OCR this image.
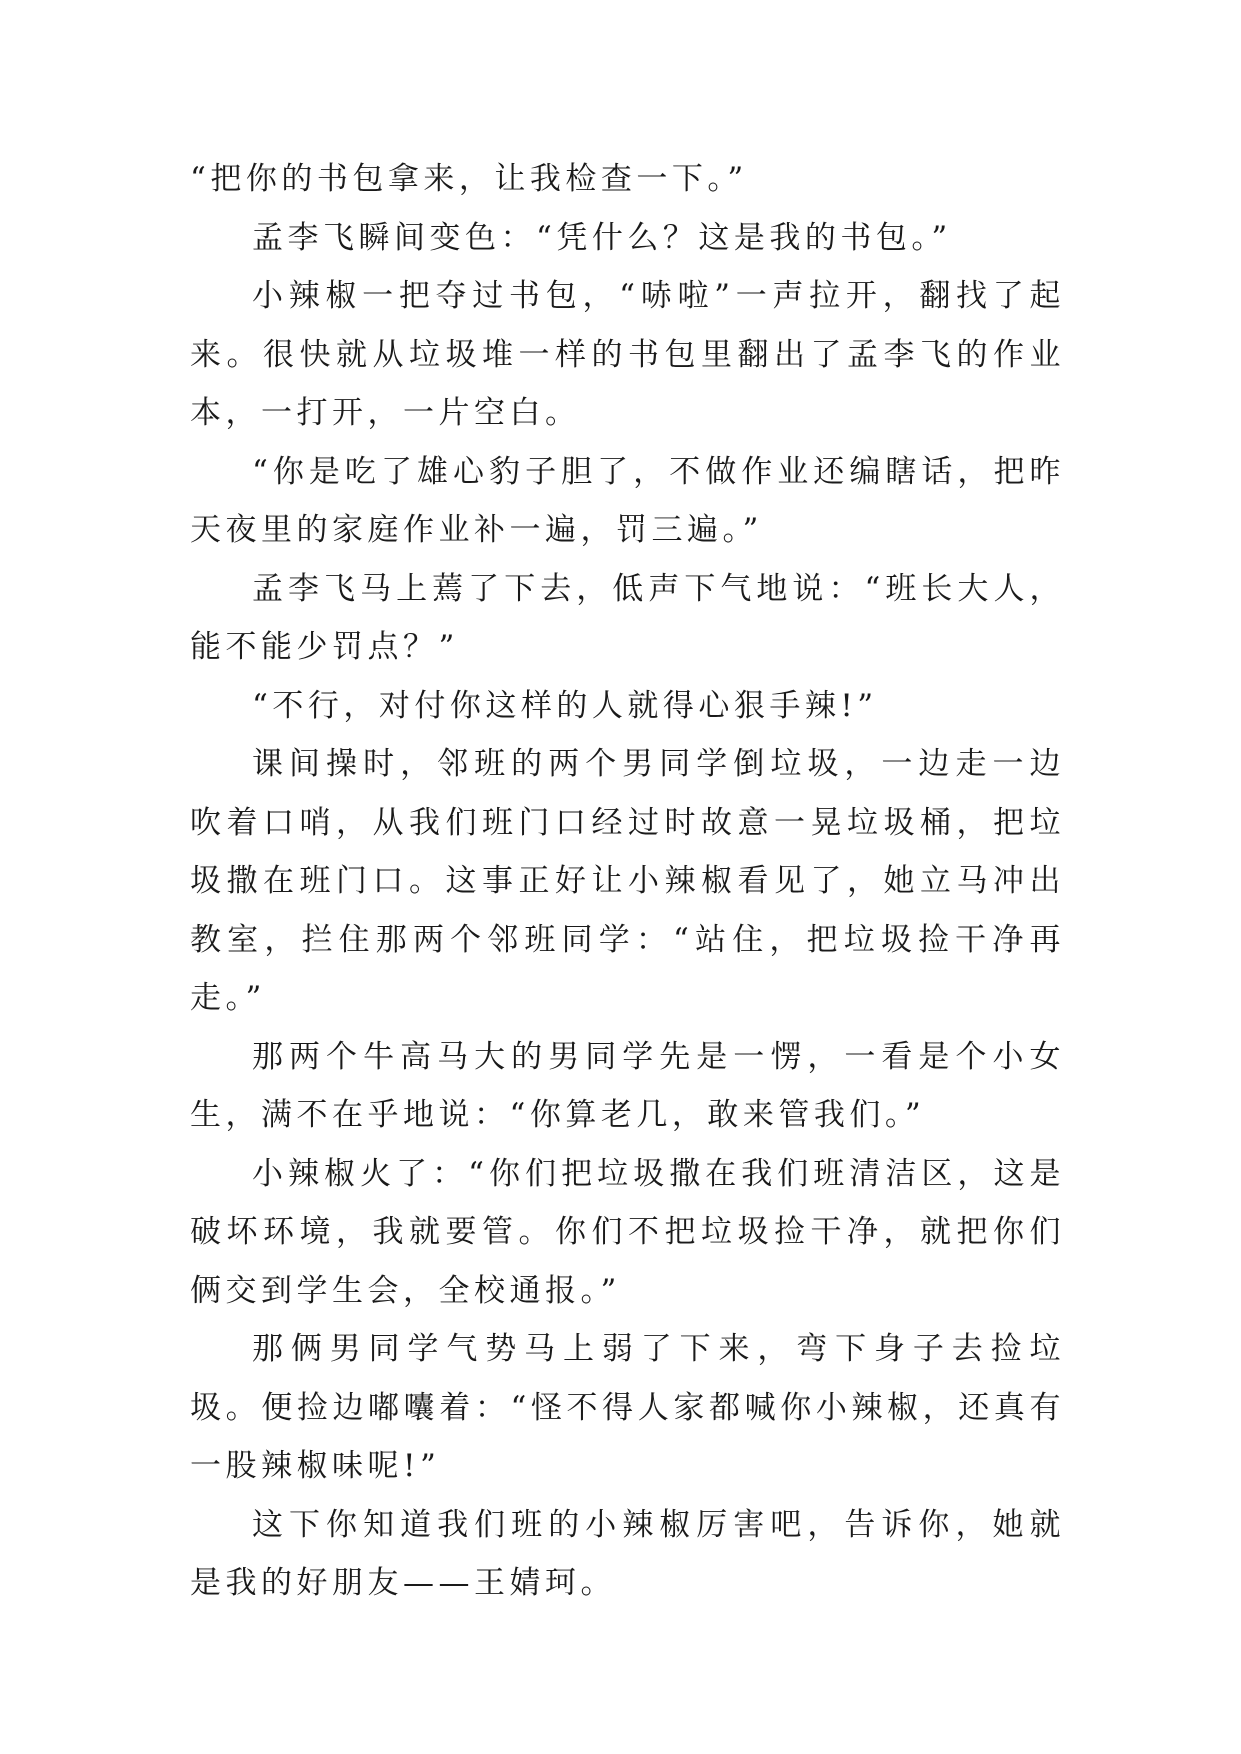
“把你的书包拿来，让我检查一下。”

孟李飞瞬间变色：“凭什么？这是我的书包。”

小辣椒一把夺过书包，“哧啦”一声拉开，翻找了起来。很快就从垃圾堆一样的书包里翻出了孟李飞的作业本，一打开，一片空白。

“你是吃了雄心豹子胆了，不做作业还编瞎话，把昨天夜里的家庭作业补一遍，罚三遍。”

孟李飞马上蔫了下去，低声下气地说：“班长大人，能不能少罚点？”

“不行，对付你这样的人就得心狠手辣!”

课间操时，邻班的两个男同学倒垃圾，一边走一边吹着口哨，从我们班门口经过时故意一晃垃圾桶，把垃圾撒在班门口。这事正好让小辣椒看见了，她立马冲出教室，拦住那两个邻班同学：“站住，把垃圾捡干净再走。”

那两个牛高马大的男同学先是一愣，一看是个小女生，满不在乎地说：“你算老几，敢来管我们。”

小辣椒火了：“你们把垃圾撒在我们班清洁区，这是破坏环境，我就要管。你们不把垃圾捡干净，就把你们俩交到学生会，全校通报。”

那俩男同学气势马上弱了下来，弯下身子去捡垃圾。便捡边嘟囔着：“怪不得人家都喊你小辣椒，还真有一股辣椒味呢!”

这下你知道我们班的小辣椒厉害吧，告诉你，她就是我的好朋友——王婧珂。
